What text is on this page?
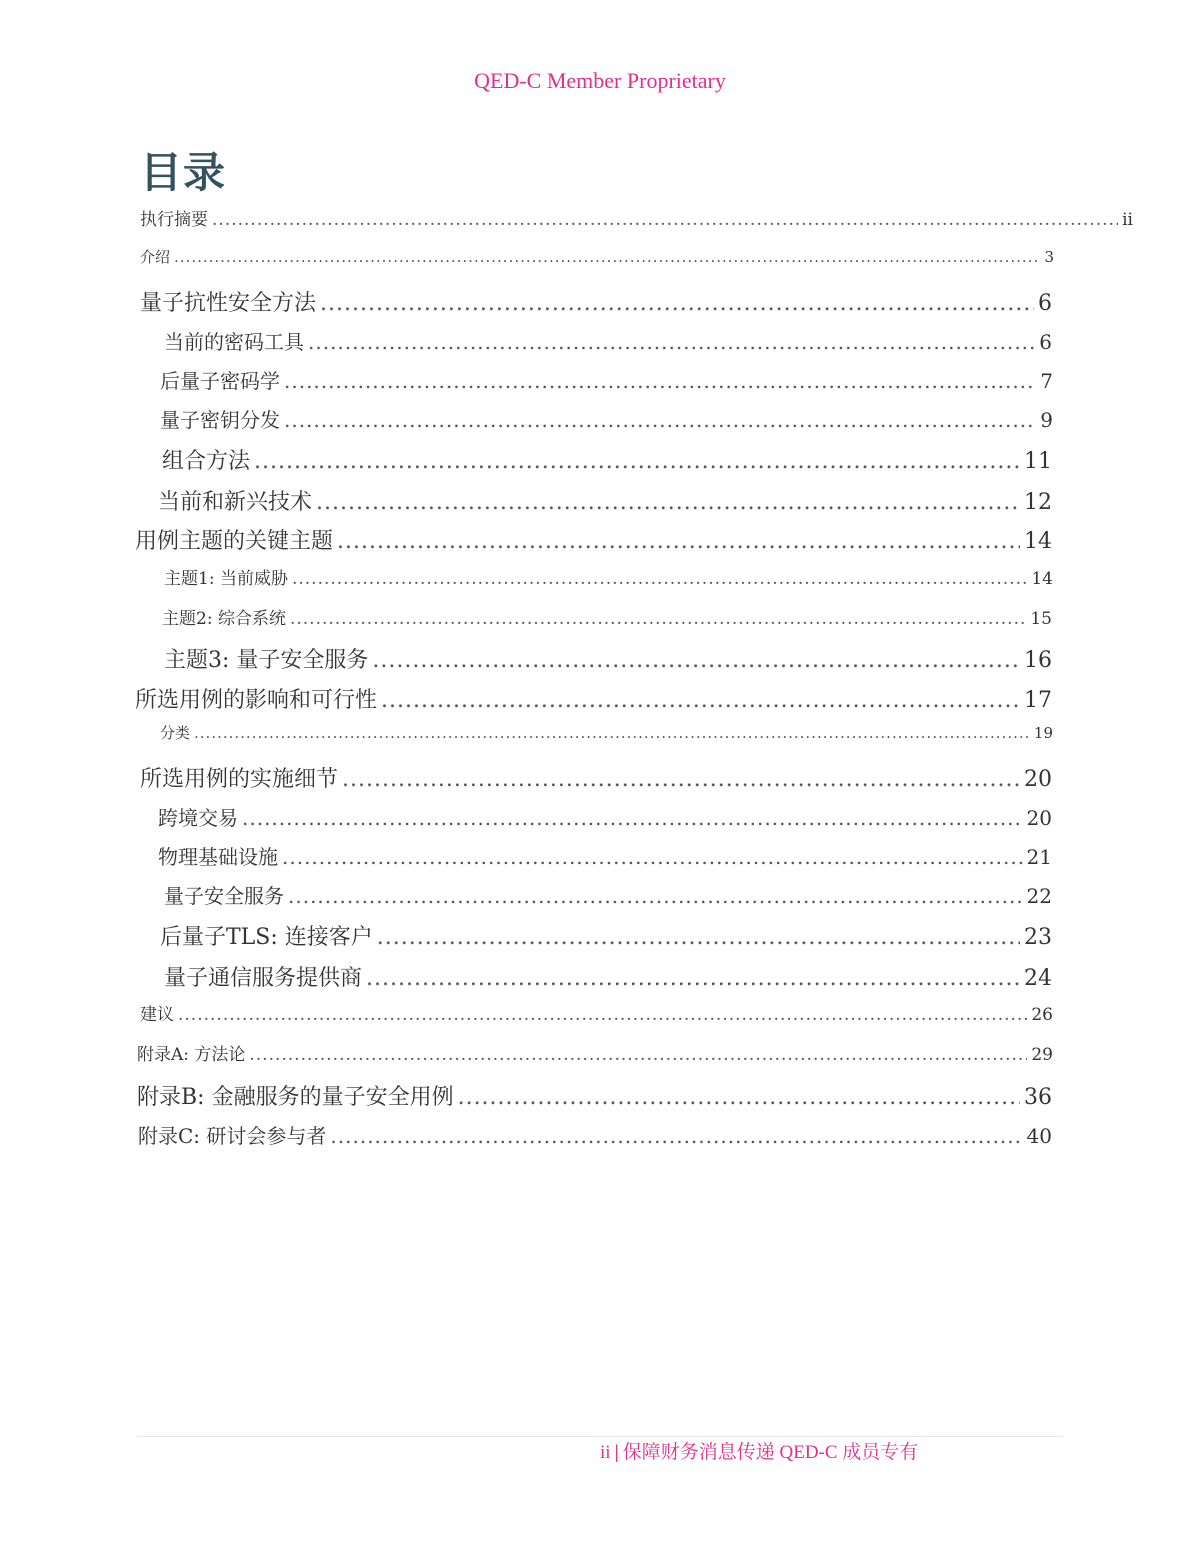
QED-C Member Proprietary
目录
执行摘要 .....	ii
介绍 .....	3
量子抗性安全方法 .....	6
当前的密码工具 .....	6
后量子密码学 .....	7
量子密钥分发 .....	9
组合方法 .....	11
当前和新兴技术 .....	12
用例主题的关键主题 .....	14
主题1: 当前威胁 .....	14
主题2: 综合系统 .....	15
主题3: 量子安全服务 .....	16
所选用例的影响和可行性 .....	17
分类 .....	19
所选用例的实施细节 .....	20
跨境交易 .....	20
物理基础设施 .....	21
量子安全服务 .....	22
后量子TLS: 连接客户 .....	23
量子通信服务提供商 .....	24
建议 .....	26
附录A: 方法论 .....	29
附录B: 金融服务的量子安全用例 .....	36
附录C: 研讨会参与者 .....	40
ii | 保障财务消息传递 QED-C 成员专有
